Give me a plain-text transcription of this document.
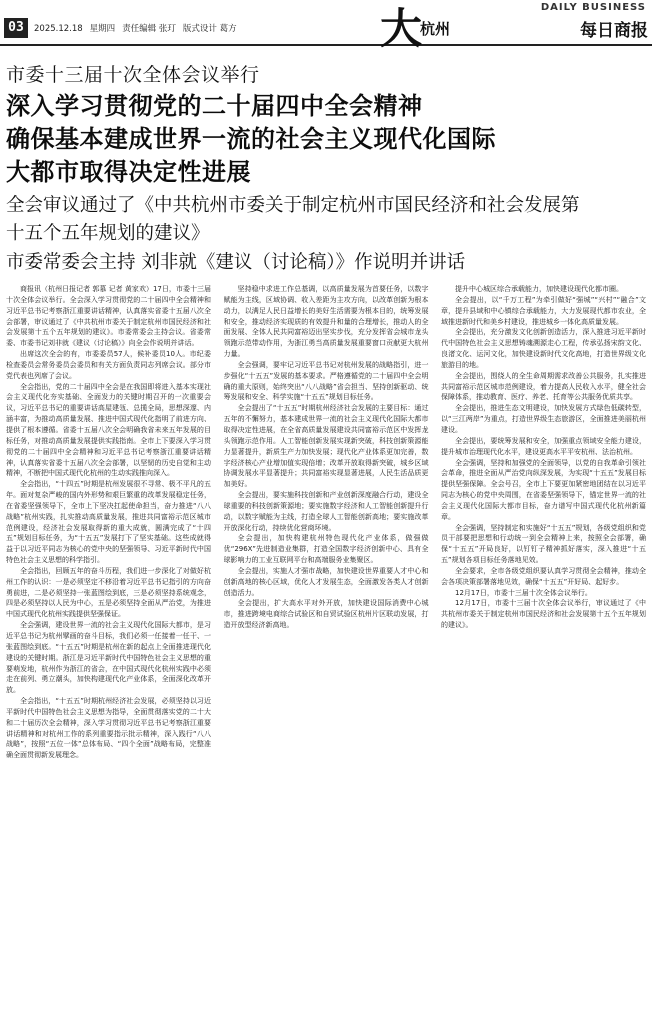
03	2025.12.18 星期四 责任编辑 张玎 版式设计 葛方	大
杭州
DAILY BUSINESS
每日商报
市委十三届十次全体会议举行
深入学习贯彻党的二十届四中全会精神
确保基本建成世界一流的社会主义现代化国际
大都市取得决定性进展
全会审议通过了《中共杭州市委关于制定杭州市国民经济和社会发展第
十五个五年规划的建议》
市委常委会主持 刘非就《建议（讨论稿）》作说明并讲话

商报讯（杭州日报记者 郭慕 记者 黄家欢）17日，市委十三届十次全体会议举行。全会深入学习贯彻党的二十届四中全会精神和习近平总书记考察浙江重要讲话精神，认真落实省委十五届八次全会部署，审议通过了《中共杭州市委关于制定杭州市国民经济和社会发展第十五个五年规划的建议》。市委常委会主持会议。省委常委、市委书记刘非就《建议（讨论稿）》向全会作说明并讲话。

出席这次全会的有，市委委员57人，候补委员10人。市纪委检查委员会常务委员会委员和有关方面负责同志列席会议。部分市党代表也列席了会议。

全会指出，党的二十届四中全会是在我国即将进入基本实现社会主义现代化夯实基础、全面发力的关键时期召开的一次重要会议，习近平总书记的重要讲话高屋建瓴、总揽全局，思想深邃、内涵丰富，为推动高质量发展、推进中国式现代化指明了前进方向、提供了根本遵循。省委十五届八次全会明确我省未来五年发展的目标任务，对推动高质量发展提供实践指南。全市上下要深入学习贯彻党的二十届四中全会精神和习近平总书记考察浙江重要讲话精神，认真落实省委十五届八次全会部署，以坚韧的历史自觉和主动精神，不断把中国式现代化杭州的生动实践推向深入。

全会指出，“十四五”时期是杭州发展很不寻常、极不平凡的五年。面对复杂严峻的国内外形势和艰巨繁重的改革发展稳定任务，在省委坚强领导下，全市上下坚决扛起使命担当，奋力推进“八八战略”杭州实践，扎实推动高质量发展，推进共同富裕示范区城市范例建设，经济社会发展取得新的重大成就，圆满完成了“十四五”规划目标任务，为“十五五”发展打下了坚实基础。这些成就得益于以习近平同志为核心的党中央的坚强领导、习近平新时代中国特色社会主义思想的科学指引。

全会指出，回顾五年的奋斗历程，我们进一步深化了对做好杭州工作的认识：一是必须坚定不移沿着习近平总书记指引的方向奋勇前进，二是必须坚持一张蓝图绘到底，三是必须坚持系统观念，四是必须坚持以人民为中心，五是必须坚持全面从严治党，为推进中国式现代化杭州实践提供坚强保证。

全会强调，建设世界一流的社会主义现代化国际大都市，是习近平总书记为杭州擘画的奋斗目标，我们必须一任接着一任干、一张蓝图绘到底。“十五五”时期是杭州在新的起点上全面推进现代化建设的关键时期。浙江是习近平新时代中国特色社会主义思想的重要萌发地，杭州作为浙江的省会，在中国式现代化杭州实践中必须走在前列、勇立潮头，加快构建现代化产业体系，全面深化改革开放。

全会指出，“十五五”时期杭州经济社会发展，必须坚持以习近平新时代中国特色社会主义思想为指导，全面贯彻落实党的二十大和二十届历次全会精神，深入学习贯彻习近平总书记考察浙江重要讲话精神和对杭州工作的系列重要指示批示精神，深入践行“八八战略”，按照“五位一体”总体布局、“四个全面”战略布局，完整准确全面贯彻新发展理念。

坚持稳中求进工作总基调，以高质量发展为首要任务，以数字赋能为主线，区域协调、收入差距为主攻方向，以改革创新为根本动力，以满足人民日益增长的美好生活需要为根本目的，统筹发展和安全，推动经济实现质的有效提升和量的合理增长，推动人的全面发展、全体人民共同富裕迈出坚实步伐，充分发挥省会城市龙头领跑示范带动作用，为浙江勇当高质量发展重要窗口贡献更大杭州力量。

全会强调，要牢记习近平总书记对杭州发展的战略指引，进一步强化“十五五”发展的基本要求。严格遵循党的二十届四中全会明确的重大原则，始终突出“八八战略”省会担当、坚持创新驱动、统筹发展和安全、科学实施“十五五”规划目标任务。

全会提出了“十五五”时期杭州经济社会发展的主要目标：通过五年的不懈努力，基本建成世界一流的社会主义现代化国际大都市取得决定性进展，在全省高质量发展建设共同富裕示范区中发挥龙头领跑示范作用。人工智能创新发展实现新突破，科技创新策源能力显著提升，新质生产力加快发展；现代化产业体系更加完善，数字经济核心产业增加值实现倍增；改革开放取得新突破，城乡区域协调发展水平显著提升；共同富裕实现显著进展，人民生活品质更加美好。

全会提出，要实施科技创新和产业创新深度融合行动，建设全球重要的科技创新策源地；要实施数字经济和人工智能创新提升行动，以数字赋能为主线，打造全球人工智能创新高地；要实施改革开放深化行动，持续优化营商环境。

全会提出，加快构建杭州特色现代化产业体系，做强做优“296X”先进制造业集群，打造全国数字经济创新中心、具有全球影响力的工业互联网平台和高端服务业集聚区。

全会提出，实施人才强市战略，加快建设世界重要人才中心和创新高地的核心区域，优化人才发展生态，全面激发各类人才创新创造活力。

全会提出，扩大高水平对外开放，加快建设国际消费中心城市，推进跨境电商综合试验区和自贸试验区杭州片区联动发展，打造开放型经济新高地。

提升中心城区综合承载能力，加快建设现代化都市圈。

全会提出，以“千万工程”为牵引做好“强城”“兴村”“融合”文章，提升县域和中心镇综合承载能力，大力发展现代都市农业，全域推进新时代和美乡村建设，推进城乡一体化高质量发展。

全会提出，充分激发文化创新创造活力，深入推进习近平新时代中国特色社会主义思想铸魂溯源走心工程，传承弘扬宋韵文化、良渚文化、运河文化，加快建设新时代文化高地，打造世界级文化旅游目的地。

全会提出，围绕人的全生命周期需求改善公共服务，扎实推进共同富裕示范区城市范例建设，着力提高人民收入水平，健全社会保障体系，推动教育、医疗、养老、托育等公共服务优质共享。

全会提出，推进生态文明建设，加快发展方式绿色低碳转型，以“三江两岸”为重点，打造世界级生态旅游区，全面推进美丽杭州建设。

全会提出，要统筹发展和安全，加强重点领域安全能力建设，提升城市治理现代化水平，建设更高水平平安杭州、法治杭州。

全会强调，坚持和加强党的全面领导，以党的自我革命引领社会革命，推进全面从严治党向纵深发展，为实现“十五五”发展目标提供坚强保障。全会号召，全市上下要更加紧密地团结在以习近平同志为核心的党中央周围，在省委坚强领导下，锚定世界一流的社会主义现代化国际大都市目标，奋力谱写中国式现代化杭州新篇章。

全会强调，坚持制定和实施好“十五五”规划，各级党组织和党员干部要把思想和行动统一到全会精神上来，按照全会部署，确保“十五五”开局良好，以钉钉子精神抓好落实，深入推进“十五五”规划各项目标任务落地见效。

全会要求，全市各级党组织要认真学习贯彻全会精神，推动全会各项决策部署落地见效，确保“十五五”开好局、起好步。

12月17日，市委十三届十次全体会议举行。

12月17日，市委十三届十次全体会议举行，审议通过了《中共杭州市委关于制定杭州市国民经济和社会发展第十五个五年规划的建议》。
